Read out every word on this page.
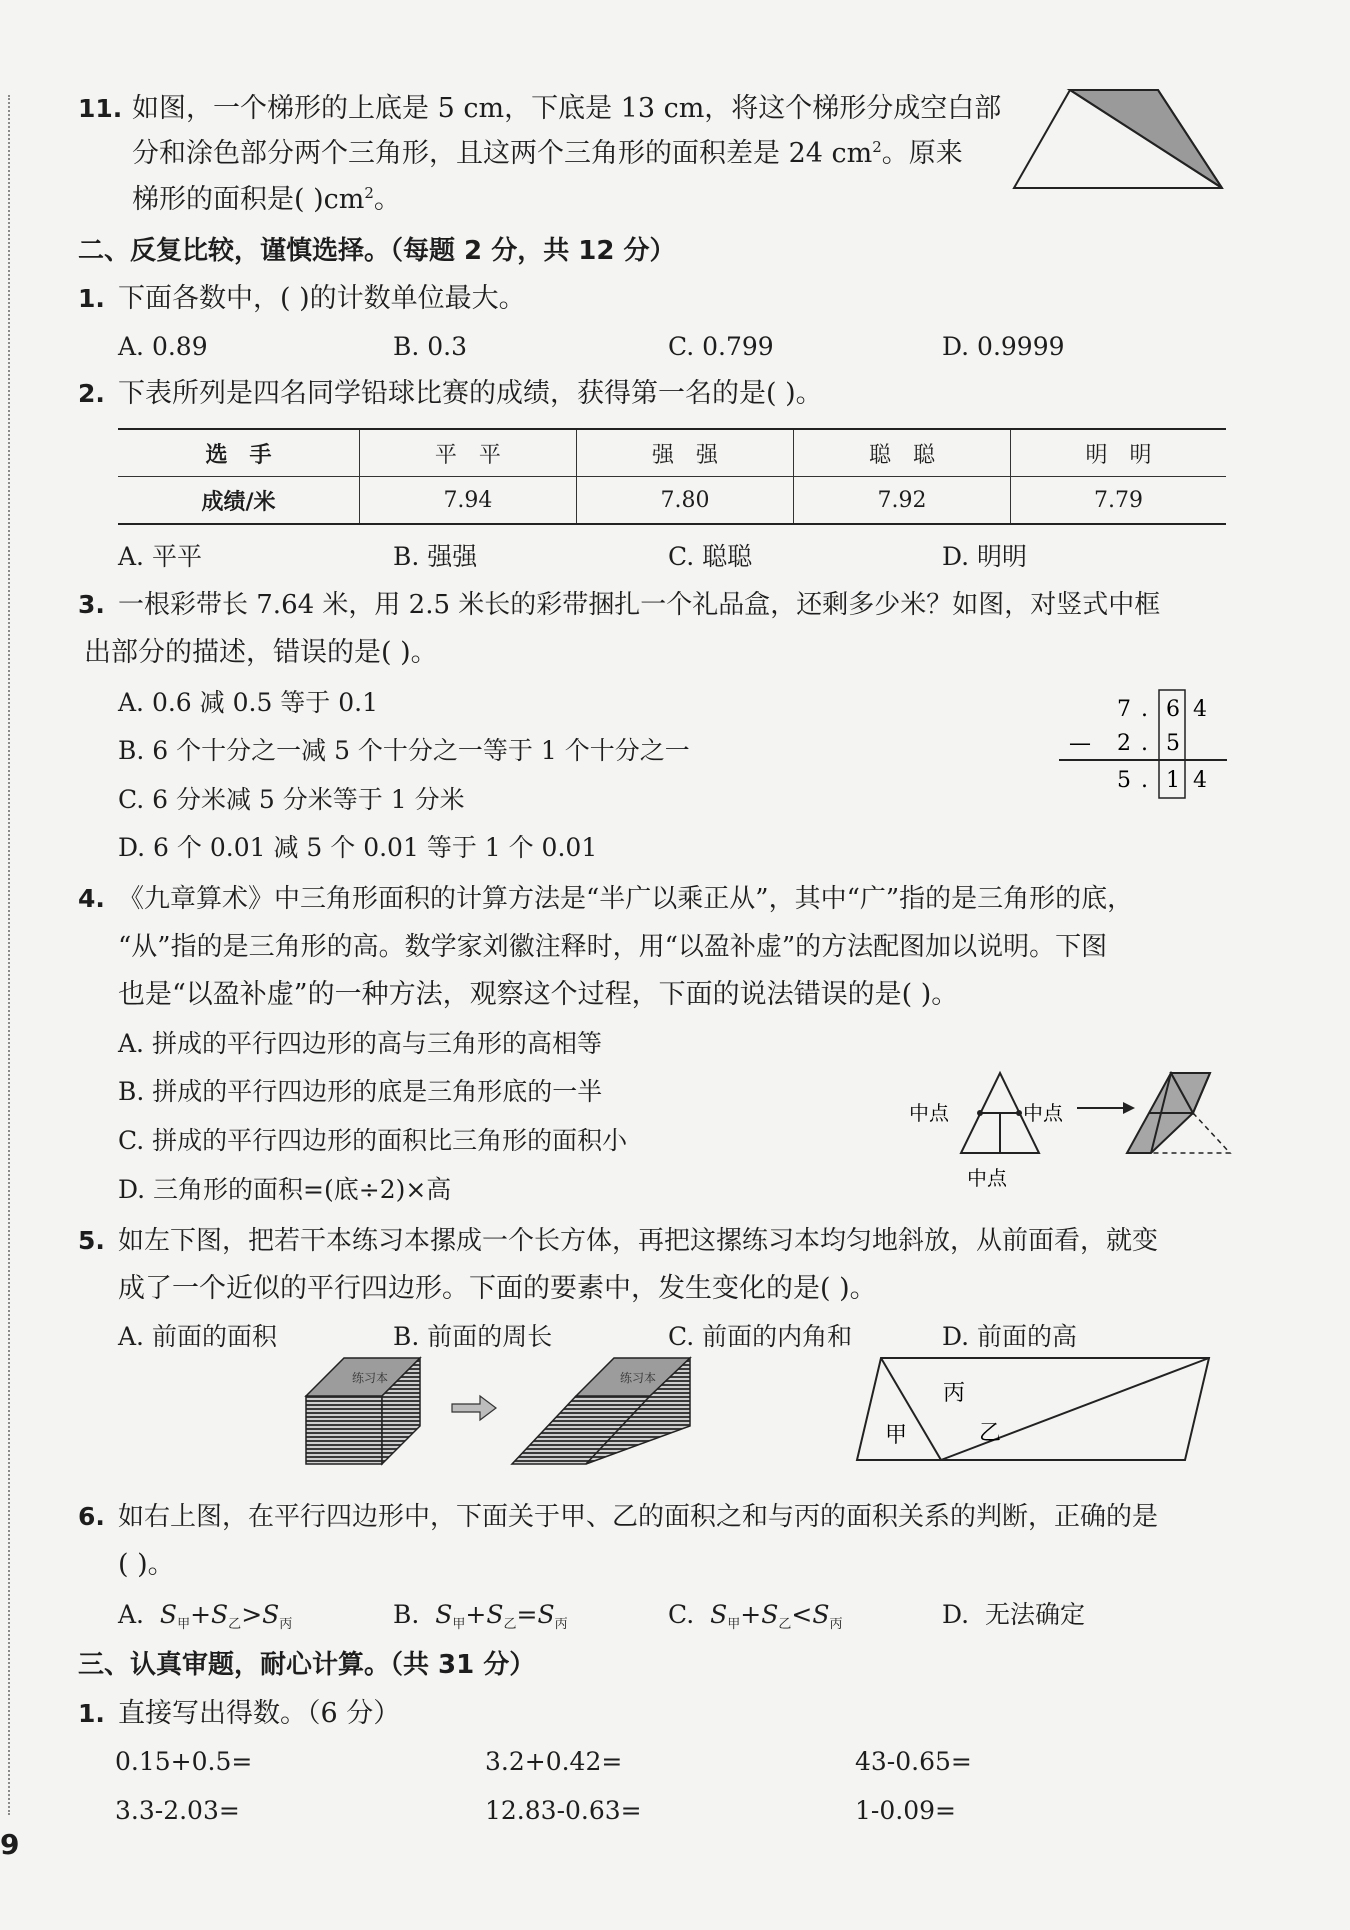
11. 如图，一个梯形的上底是 5 cm，下底是 13 cm，将这个梯形分成空白部
分和涂色部分两个三角形，且这两个三角形的面积差是 24 $cm^2$。原来
梯形的面积是( )$cm^2$。
二、反复比较，谨慎选择。（每题 2 分，共 12 分）
1. 下面各数中，( )的计数单位最大。
A. 0.89	B. 0.3	C. 0.799	D. 0.9999
2. 下表所列是四名同学铅球比赛的成绩，获得第一名的是( )。
选　手	平　平	强　强	聪　聪	明　明
成绩/米	7.94	7.80	7.92	7.79
A. 平平	B. 强强	C. 聪聪	D. 明明
3. 一根彩带长 7.64 米，用 2.5 米长的彩带捆扎一个礼品盒，还剩多少米？如图，对竖式中框
出部分的描述，错误的是( )。
A. 0.6 减 0.5 等于 0.1
B. 6 个十分之一减 5 个十分之一等于 1 个十分之一
C. 6 分米减 5 分米等于 1 分米
D. 6 个 0.01 减 5 个 0.01 等于 1 个 0.01
7 . 6 4
— 2 . 5
5 . 1 4
4. 《九章算术》中三角形面积的计算方法是“半广以乘正从”，其中“广”指的是三角形的底，
“从”指的是三角形的高。数学家刘徽注释时，用“以盈补虚”的方法配图加以说明。下图
也是“以盈补虚”的一种方法，观察这个过程，下面的说法错误的是( )。
A. 拼成的平行四边形的高与三角形的高相等
B. 拼成的平行四边形的底是三角形底的一半
C. 拼成的平行四边形的面积比三角形的面积小
D. 三角形的面积=(底÷2)×高
中点	中点
中点
5. 如左下图，把若干本练习本摞成一个长方体，再把这摞练习本均匀地斜放，从前面看，就变
成了一个近似的平行四边形。下面的要素中，发生变化的是( )。
A. 前面的面积	B. 前面的周长	C. 前面的内角和	D. 前面的高
练习本	练习本
甲
丙
乙
6. 如右上图，在平行四边形中，下面关于甲、乙的面积之和与丙的面积关系的判断，正确的是
( )。
A. $S_甲+S_乙>S_丙$	B. $S_甲+S_乙=S_丙$	C. $S_甲+S_乙<S_丙$	D. 无法确定
三、认真审题，耐心计算。（共 31 分）
1. 直接写出得数。（6 分）
0.15+0.5=	3.2+0.42=	43-0.65=
3.3-2.03=	12.83-0.63=	1-0.09=
9
